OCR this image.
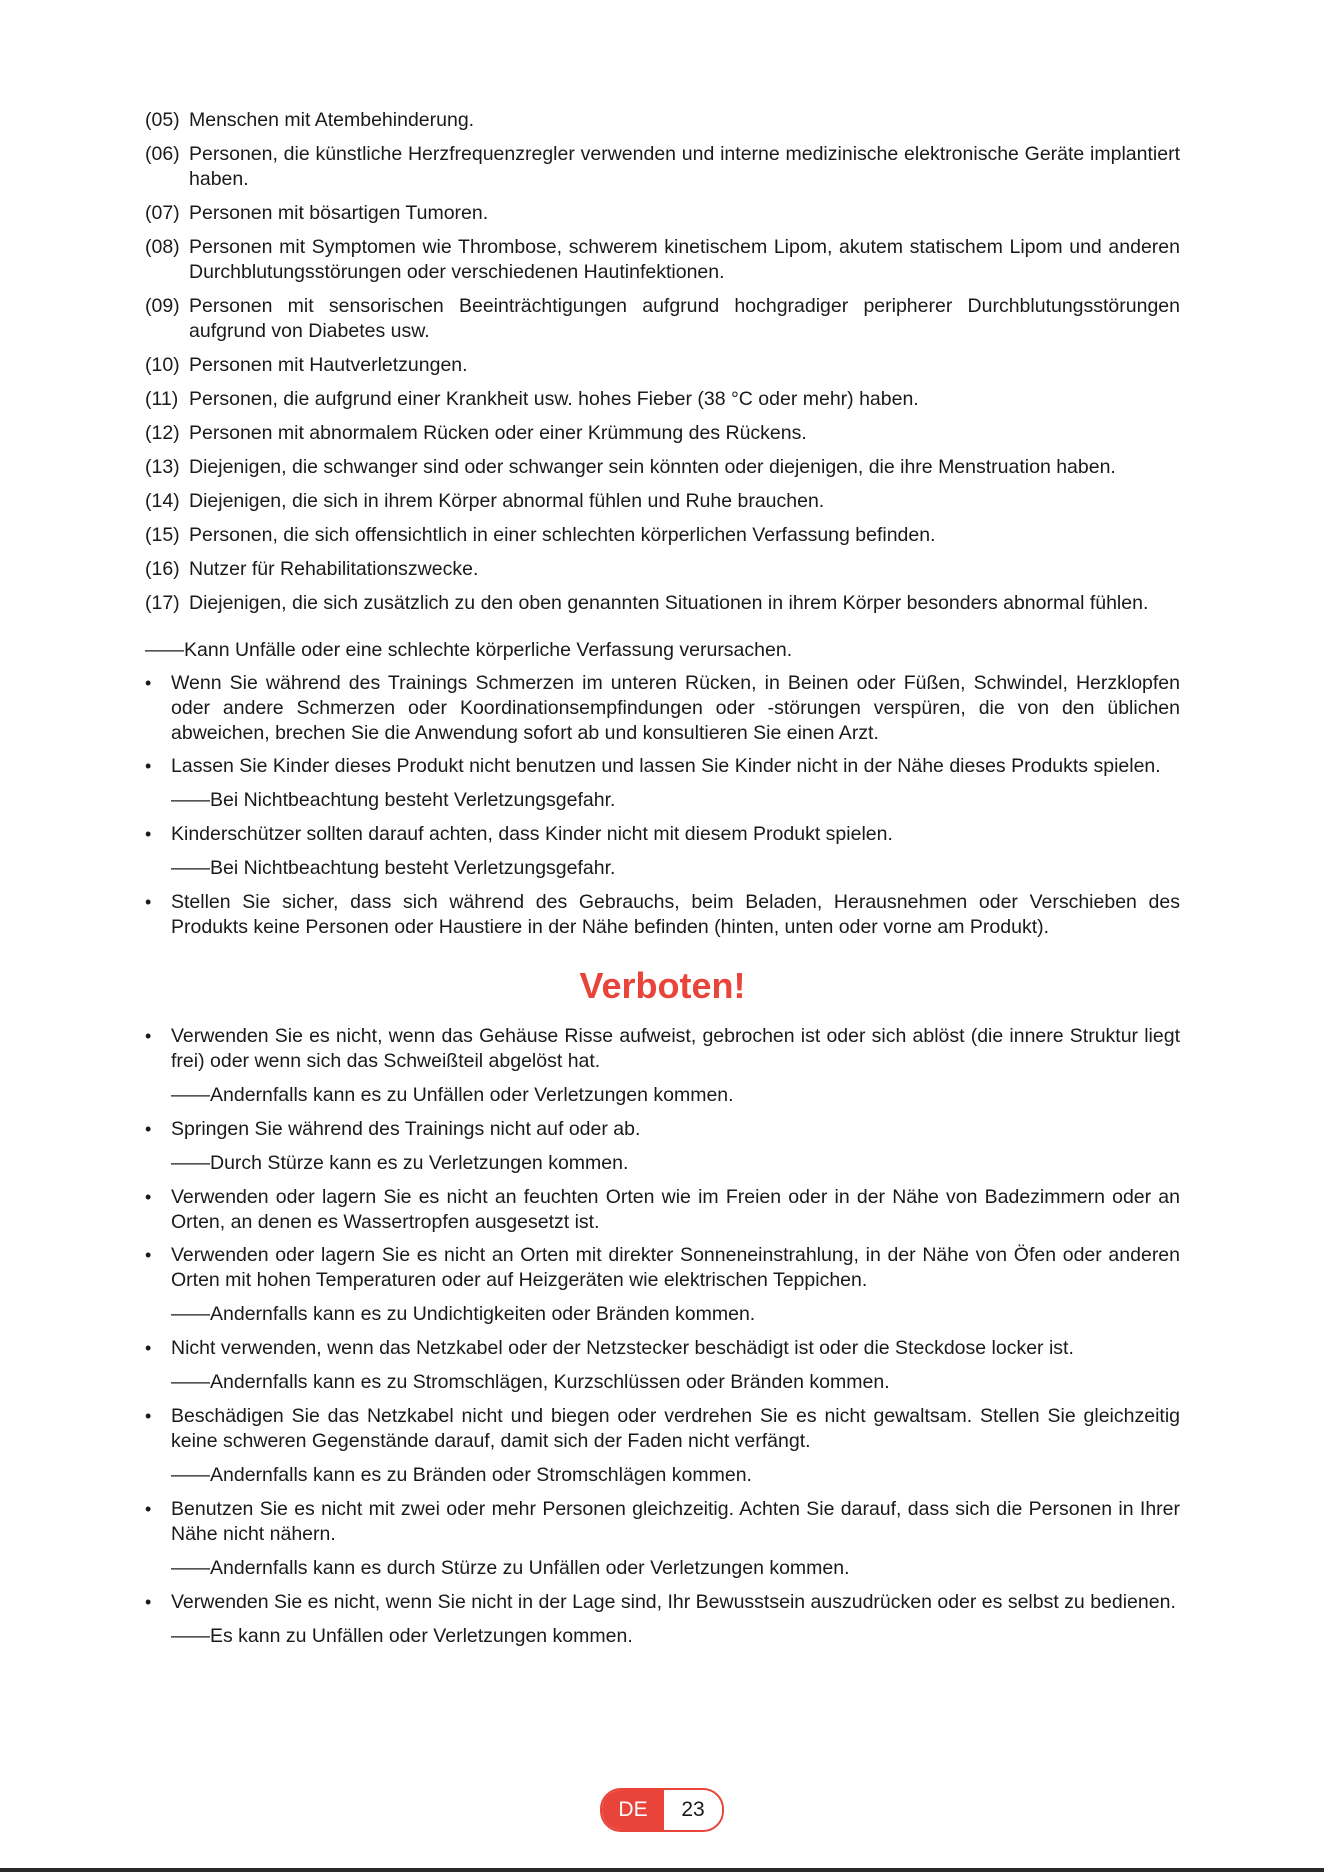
(05) Menschen mit Atembehinderung.
(06) Personen, die künstliche Herzfrequenzregler verwenden und interne medizinische elektronische Geräte implantiert haben.
(07) Personen mit bösartigen Tumoren.
(08) Personen mit Symptomen wie Thrombose, schwerem kinetischem Lipom, akutem statischem Lipom und anderen Durchblutungsstörungen oder verschiedenen Hautinfektionen.
(09) Personen mit sensorischen Beeinträchtigungen aufgrund hochgradiger peripherer Durchblutungsstörungen aufgrund von Diabetes usw.
(10) Personen mit Hautverletzungen.
(11) Personen, die aufgrund einer Krankheit usw. hohes Fieber (38 °C oder mehr) haben.
(12) Personen mit abnormalem Rücken oder einer Krümmung des Rückens.
(13) Diejenigen, die schwanger sind oder schwanger sein könnten oder diejenigen, die ihre Menstruation haben.
(14) Diejenigen, die sich in ihrem Körper abnormal fühlen und Ruhe brauchen.
(15) Personen, die sich offensichtlich in einer schlechten körperlichen Verfassung befinden.
(16) Nutzer für Rehabilitationszwecke.
(17) Diejenigen, die sich zusätzlich zu den oben genannten Situationen in ihrem Körper besonders abnormal fühlen.
——Kann Unfälle oder eine schlechte körperliche Verfassung verursachen.
•	Wenn Sie während des Trainings Schmerzen im unteren Rücken, in Beinen oder Füßen, Schwindel, Herzklopfen oder andere Schmerzen oder Koordinationsempfindungen oder -störungen verspüren, die von den üblichen abweichen, brechen Sie die Anwendung sofort ab und konsultieren Sie einen Arzt.
•	Lassen Sie Kinder dieses Produkt nicht benutzen und lassen Sie Kinder nicht in der Nähe dieses Produkts spielen.
——Bei Nichtbeachtung besteht Verletzungsgefahr.
•	Kinderschützer sollten darauf achten, dass Kinder nicht mit diesem Produkt spielen.
——Bei Nichtbeachtung besteht Verletzungsgefahr.
•	Stellen Sie sicher, dass sich während des Gebrauchs, beim Beladen, Herausnehmen oder Verschieben des Produkts keine Personen oder Haustiere in der Nähe befinden (hinten, unten oder vorne am Produkt).
Verboten!
•	Verwenden Sie es nicht, wenn das Gehäuse Risse aufweist, gebrochen ist oder sich ablöst (die innere Struktur liegt frei) oder wenn sich das Schweißteil abgelöst hat.
——Andernfalls kann es zu Unfällen oder Verletzungen kommen.
•	Springen Sie während des Trainings nicht auf oder ab.
——Durch Stürze kann es zu Verletzungen kommen.
•	Verwenden oder lagern Sie es nicht an feuchten Orten wie im Freien oder in der Nähe von Badezimmern oder an Orten, an denen es Wassertropfen ausgesetzt ist.
•	Verwenden oder lagern Sie es nicht an Orten mit direkter Sonneneinstrahlung, in der Nähe von Öfen oder anderen Orten mit hohen Temperaturen oder auf Heizgeräten wie elektrischen Teppichen.
——Andernfalls kann es zu Undichtigkeiten oder Bränden kommen.
•	Nicht verwenden, wenn das Netzkabel oder der Netzstecker beschädigt ist oder die Steckdose locker ist.
——Andernfalls kann es zu Stromschlägen, Kurzschlüssen oder Bränden kommen.
•	Beschädigen Sie das Netzkabel nicht und biegen oder verdrehen Sie es nicht gewaltsam. Stellen Sie gleichzeitig keine schweren Gegenstände darauf, damit sich der Faden nicht verfängt.
——Andernfalls kann es zu Bränden oder Stromschlägen kommen.
•	Benutzen Sie es nicht mit zwei oder mehr Personen gleichzeitig. Achten Sie darauf, dass sich die Personen in Ihrer Nähe nicht nähern.
——Andernfalls kann es durch Stürze zu Unfällen oder Verletzungen kommen.
•	Verwenden Sie es nicht, wenn Sie nicht in der Lage sind, Ihr Bewusstsein auszudrücken oder es selbst zu bedienen.
——Es kann zu Unfällen oder Verletzungen kommen.
DE	23
